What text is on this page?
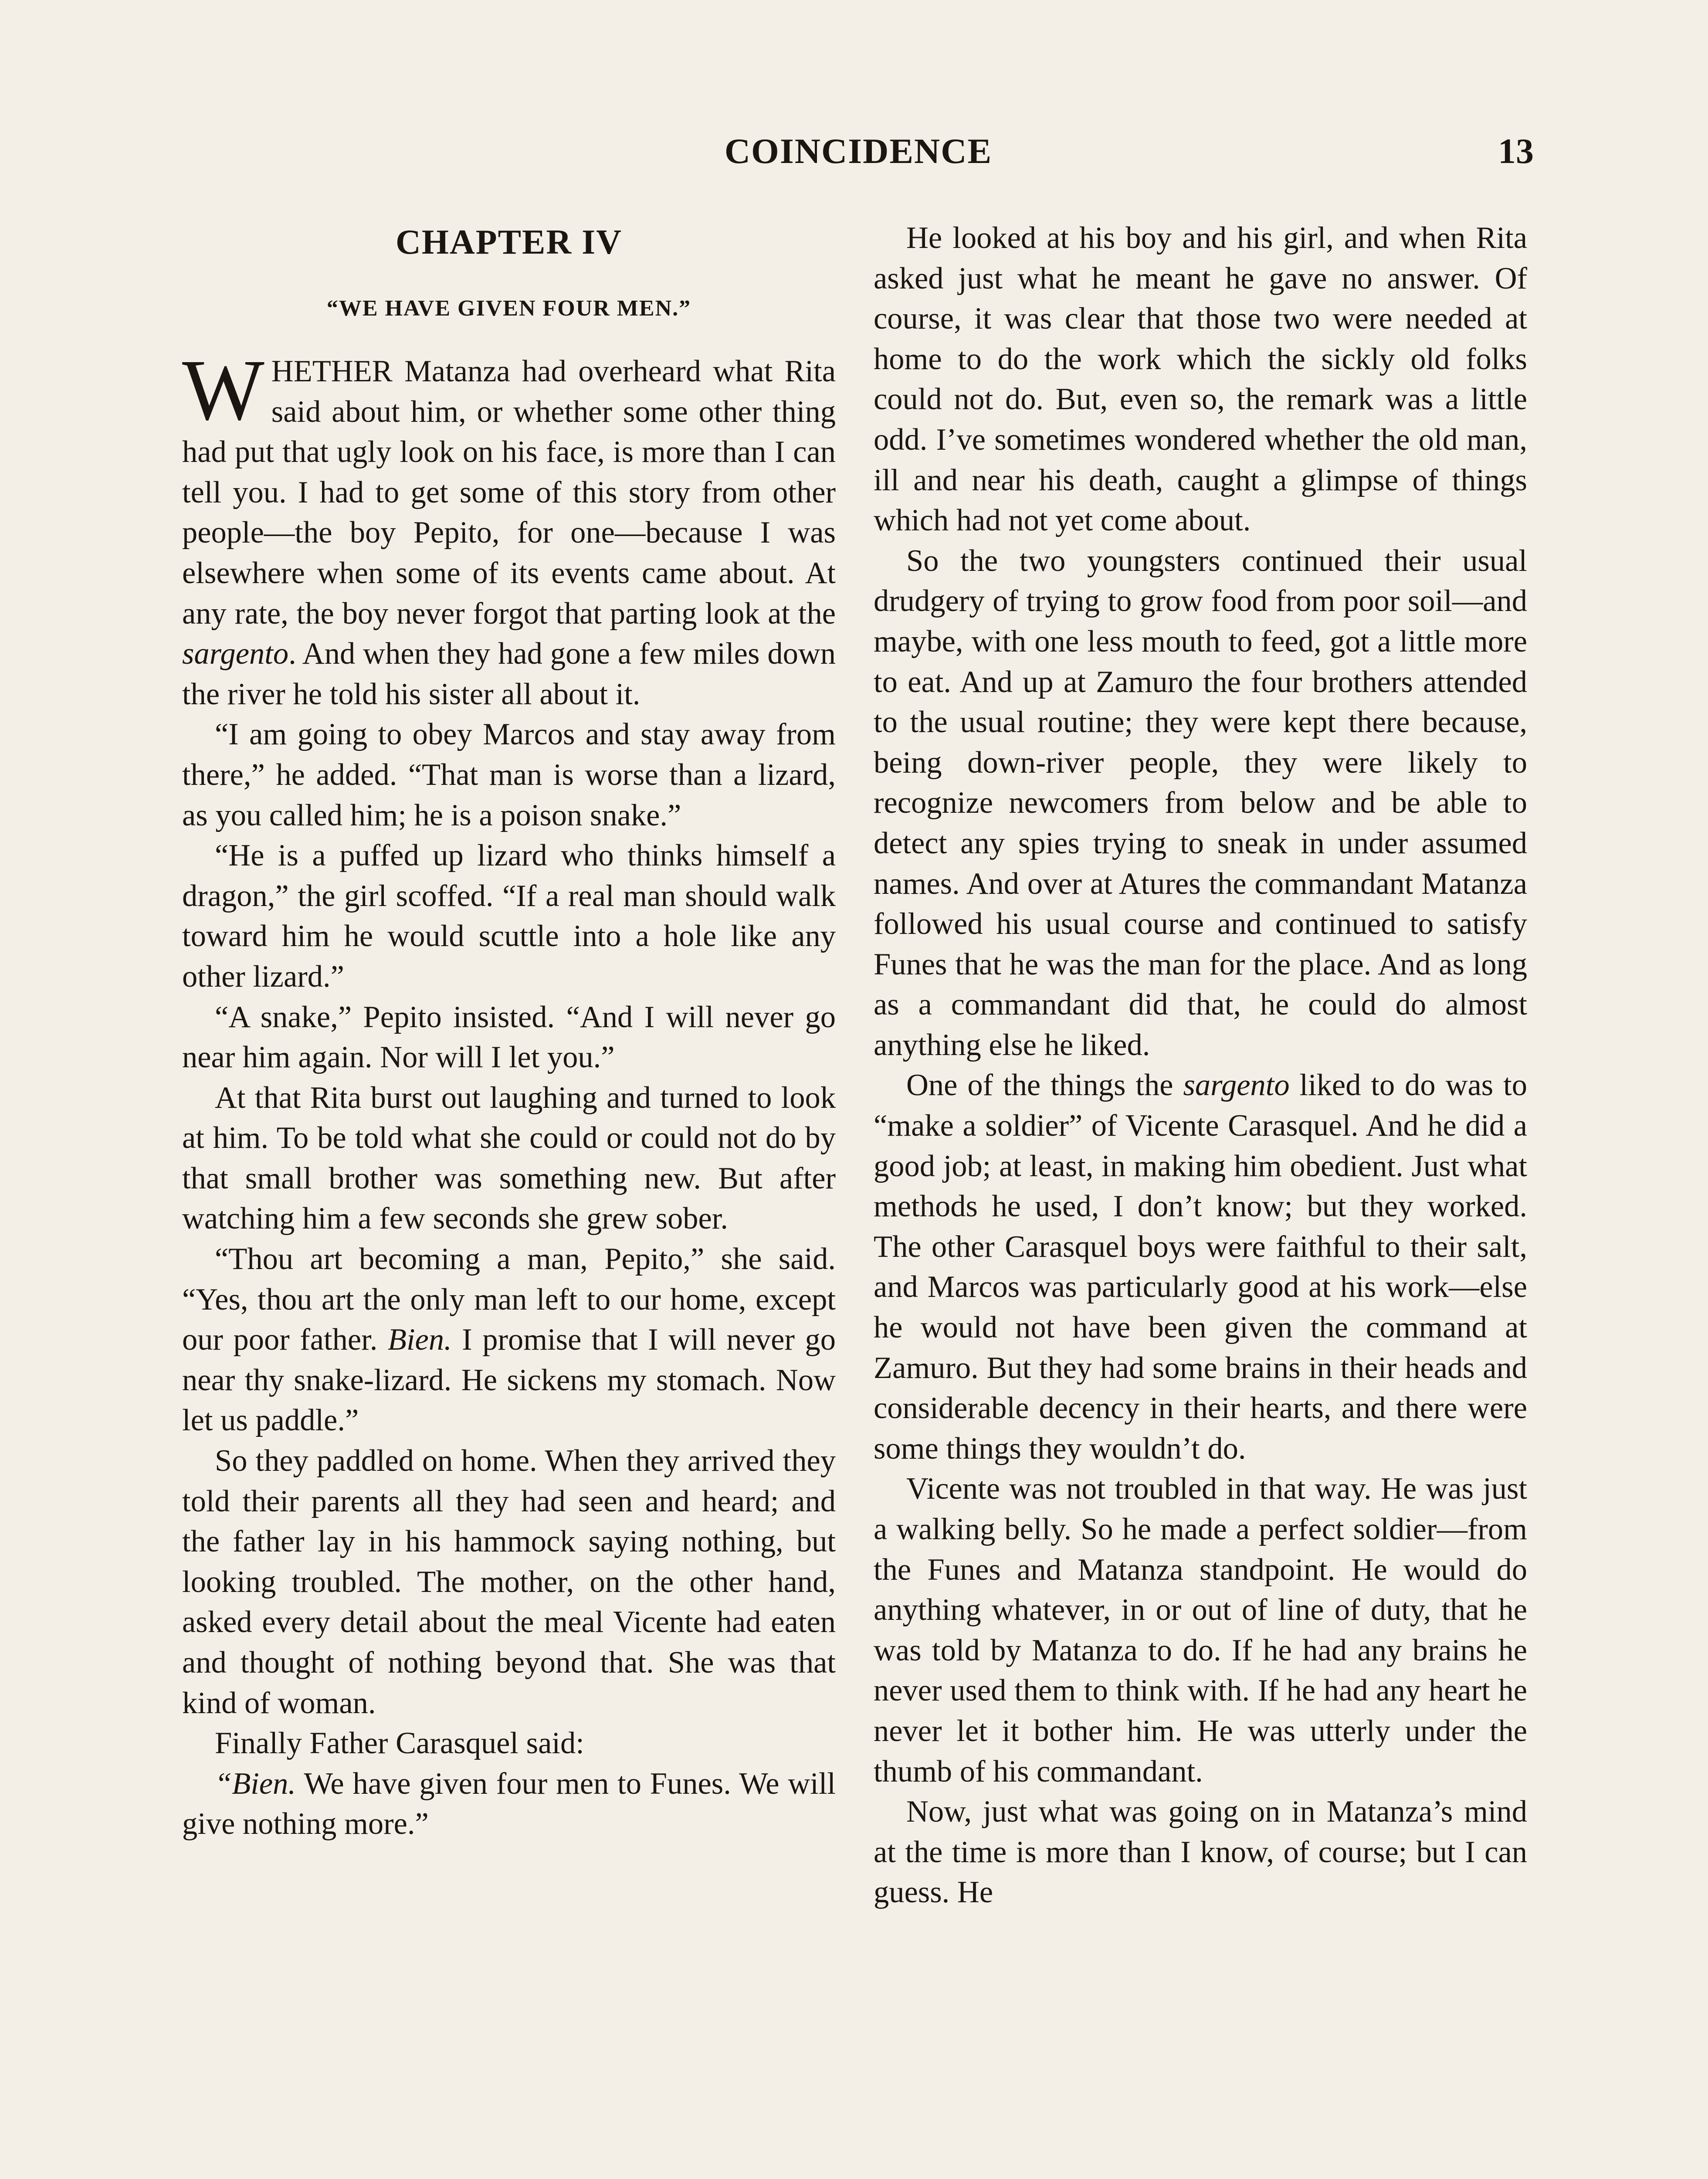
COINCIDENCE	13
CHAPTER IV
“WE HAVE GIVEN FOUR MEN.”

WHETHER Matanza had overheard what Rita said about him, or whether some other thing had put that ugly look on his face, is more than I can tell you. I had to get some of this story from other people—the boy Pepito, for one—because I was elsewhere when some of its events came about. At any rate, the boy never forgot that parting look at the sargento. And when they had gone a few miles down the river he told his sister all about it.

“I am going to obey Marcos and stay away from there,” he added. “That man is worse than a lizard, as you called him; he is a poison snake.”

“He is a puffed up lizard who thinks himself a dragon,” the girl scoffed. “If a real man should walk toward him he would scuttle into a hole like any other lizard.”

“A snake,” Pepito insisted. “And I will never go near him again. Nor will I let you.”

At that Rita burst out laughing and turned to look at him. To be told what she could or could not do by that small brother was something new. But after watching him a few seconds she grew sober.

“Thou art becoming a man, Pepito,” she said. “Yes, thou art the only man left to our home, except our poor father. Bien. I promise that I will never go near thy snake-lizard. He sickens my stomach. Now let us paddle.”

So they paddled on home. When they arrived they told their parents all they had seen and heard; and the father lay in his hammock saying nothing, but looking troubled. The mother, on the other hand, asked every detail about the meal Vicente had eaten and thought of nothing beyond that. She was that kind of woman.

Finally Father Carasquel said:

“Bien. We have given four men to Funes. We will give nothing more.”

He looked at his boy and his girl, and when Rita asked just what he meant he gave no answer. Of course, it was clear that those two were needed at home to do the work which the sickly old folks could not do. But, even so, the remark was a little odd. I’ve sometimes wondered whether the old man, ill and near his death, caught a glimpse of things which had not yet come about.

So the two youngsters continued their usual drudgery of trying to grow food from poor soil—and maybe, with one less mouth to feed, got a little more to eat. And up at Zamuro the four brothers attended to the usual routine; they were kept there because, being down-river people, they were likely to recognize newcomers from below and be able to detect any spies trying to sneak in under assumed names. And over at Atures the commandant Matanza followed his usual course and continued to satisfy Funes that he was the man for the place. And as long as a commandant did that, he could do almost anything else he liked.

One of the things the sargento liked to do was to “make a soldier” of Vicente Carasquel. And he did a good job; at least, in making him obedient. Just what methods he used, I don’t know; but they worked. The other Carasquel boys were faithful to their salt, and Marcos was particularly good at his work—else he would not have been given the command at Zamuro. But they had some brains in their heads and considerable decency in their hearts, and there were some things they wouldn’t do.

Vicente was not troubled in that way. He was just a walking belly. So he made a perfect soldier—from the Funes and Matanza standpoint. He would do anything whatever, in or out of line of duty, that he was told by Matanza to do. If he had any brains he never used them to think with. If he had any heart he never let it bother him. He was utterly under the thumb of his commandant.

Now, just what was going on in Matanza’s mind at the time is more than I know, of course; but I can guess. He
